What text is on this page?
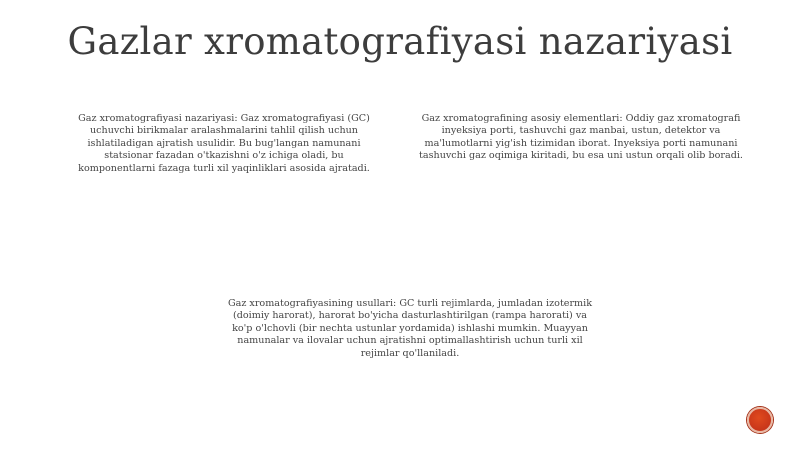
Gazlar xromatografiyasi nazariyasi
Gaz xromatografiyasi nazariyasi: Gaz xromatografiyasi (GC) uchuvchi birikmalar aralashmalarini tahlil qilish uchun ishlatiladigan ajratish usulidir. Bu bug'langan namunani statsionar fazadan o'tkazishni o'z ichiga oladi, bu komponentlarni fazaga turli xil yaqinliklari asosida ajratadi.
Gaz xromatografining asosiy elementlari: Oddiy gaz xromatografi inyeksiya porti, tashuvchi gaz manbai, ustun, detektor va ma'lumotlarni yig'ish tizimidan iborat. Inyeksiya porti namunani tashuvchi gaz oqimiga kiritadi, bu esa uni ustun orqali olib boradi.
Gaz xromatografiyasining usullari: GC turli rejimlarda, jumladan izotermik (doimiy harorat), harorat bo'yicha dasturlashtirilgan (rampa harorati) va ko'p o'lchovli (bir nechta ustunlar yordamida) ishlashi mumkin. Muayyan namunalar va ilovalar uchun ajratishni optimallashtirish uchun turli xil rejimlar qo'llaniladi.
